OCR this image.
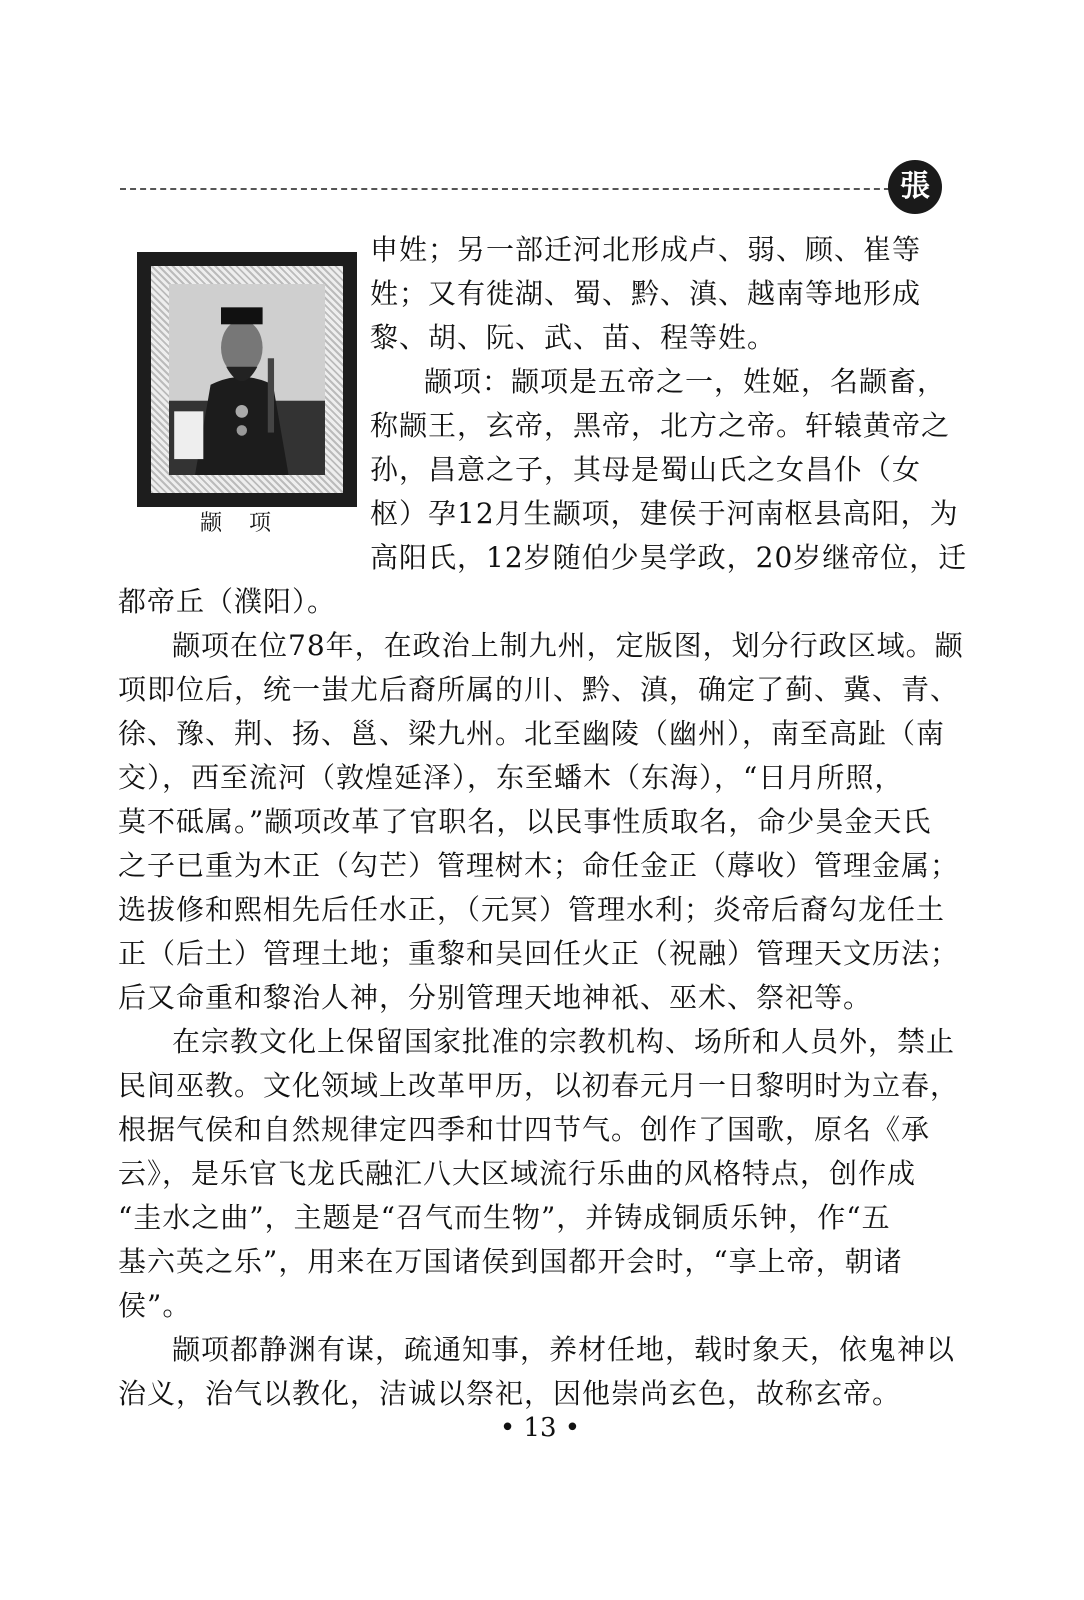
張
颛 项
申姓；另一部迁河北形成卢、弱、顾、崔等
姓；又有徙湖、蜀、黔、滇、越南等地形成
黎、胡、阮、武、苗、程等姓。
颛项：颛项是五帝之一，姓姬，名颛畜，
称颛王，玄帝，黑帝，北方之帝。轩辕黄帝之
孙，昌意之子，其母是蜀山氏之女昌仆（女
枢）孕12月生颛项，建侯于河南枢县高阳，为
高阳氏，12岁随伯少昊学政，20岁继帝位，迁
都帝丘（濮阳）。
颛项在位78年，在政治上制九州，定版图，划分行政区域。颛
项即位后，统一蚩尤后裔所属的川、黔、滇，确定了蓟、冀、青、
徐、豫、荆、扬、邕、梁九州。北至幽陵（幽州），南至高趾（南
交），西至流河（敦煌延泽），东至蟠木（东海），“日月所照，
莫不砥属。”颛项改革了官职名，以民事性质取名，命少昊金天氏
之子已重为木正（勾芒）管理树木；命任金正（蓐收）管理金属；
选拔修和熙相先后任水正，（元冥）管理水利；炎帝后裔勾龙任土
正（后土）管理土地；重黎和吴回任火正（祝融）管理天文历法；
后又命重和黎治人神，分别管理天地神祇、巫术、祭祀等。
在宗教文化上保留国家批准的宗教机构、场所和人员外，禁止
民间巫教。文化领域上改革甲历，以初春元月一日黎明时为立春，
根据气侯和自然规律定四季和廿四节气。创作了国歌，原名《承
云》，是乐官飞龙氏融汇八大区域流行乐曲的风格特点，创作成
“圭水之曲”，主题是“召气而生物”，并铸成铜质乐钟，作“五
基六英之乐”，用来在万国诸侯到国都开会时，“享上帝，朝诸
侯”。
颛项都静渊有谋，疏通知事，养材任地，载时象天，依鬼神以
治义，治气以教化，洁诚以祭祀，因他崇尚玄色，故称玄帝。
• 13 •
